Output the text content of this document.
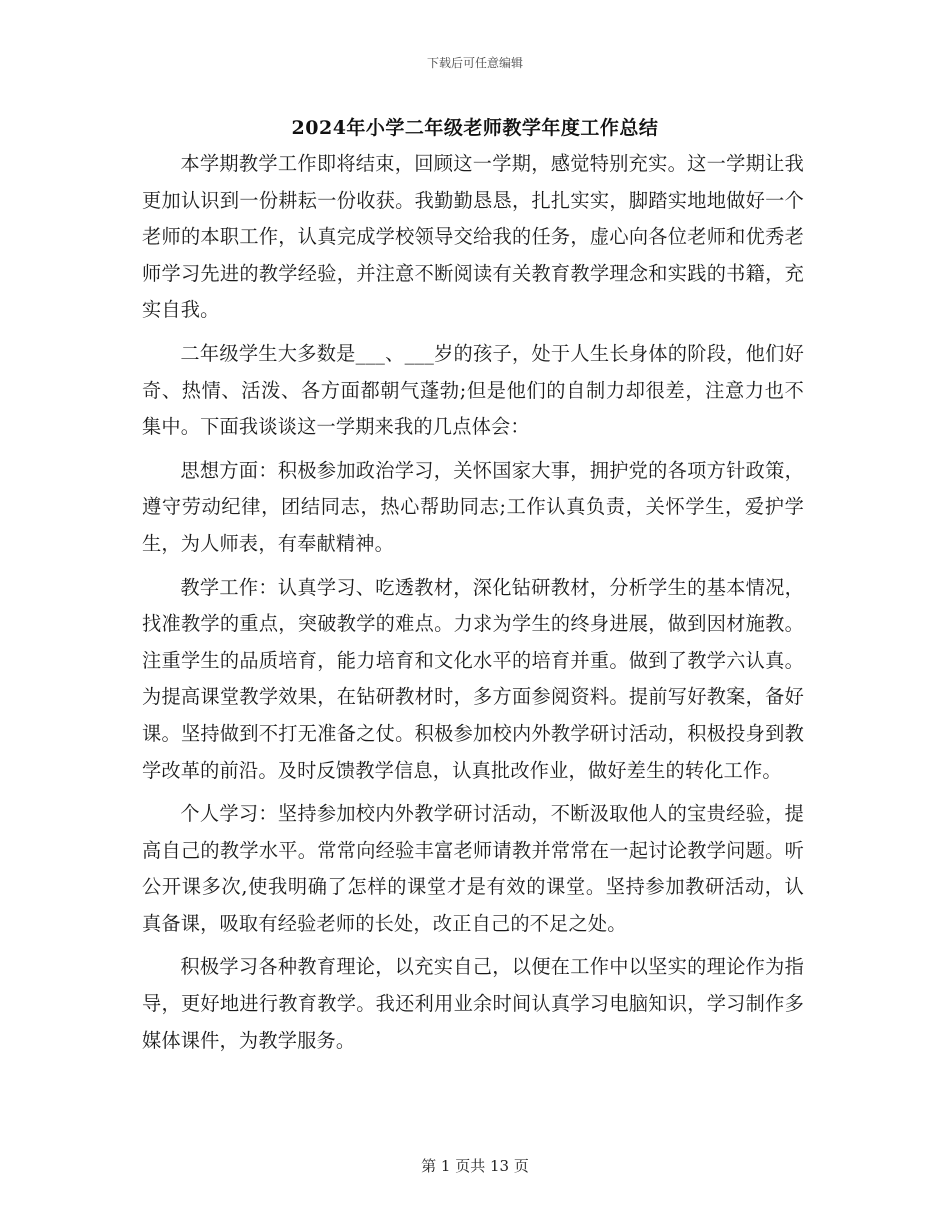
下载后可任意编辑
2024年小学二年级老师教学年度工作总结

本学期教学工作即将结束，回顾这一学期，感觉特别充实。这一学期让我更加认识到一份耕耘一份收获。我勤勤恳恳，扎扎实实，脚踏实地地做好一个老师的本职工作，认真完成学校领导交给我的任务，虚心向各位老师和优秀老师学习先进的教学经验，并注意不断阅读有关教育教学理念和实践的书籍，充实自我。

二年级学生大多数是___、___岁的孩子，处于人生长身体的阶段，他们好奇、热情、活泼、各方面都朝气蓬勃;但是他们的自制力却很差，注意力也不集中。下面我谈谈这一学期来我的几点体会：

思想方面：积极参加政治学习，关怀国家大事，拥护党的各项方针政策，遵守劳动纪律，团结同志，热心帮助同志;工作认真负责，关怀学生，爱护学生，为人师表，有奉献精神。

教学工作：认真学习、吃透教材，深化钻研教材，分析学生的基本情况，找准教学的重点，突破教学的难点。力求为学生的终身进展，做到因材施教。注重学生的品质培育，能力培育和文化水平的培育并重。做到了教学六认真。为提高课堂教学效果，在钻研教材时，多方面参阅资料。提前写好教案，备好课。坚持做到不打无准备之仗。积极参加校内外教学研讨活动，积极投身到教学改革的前沿。及时反馈教学信息，认真批改作业，做好差生的转化工作。

个人学习：坚持参加校内外教学研讨活动，不断汲取他人的宝贵经验，提高自己的教学水平。常常向经验丰富老师请教并常常在一起讨论教学问题。听公开课多次,使我明确了怎样的课堂才是有效的课堂。坚持参加教研活动，认真备课，吸取有经验老师的长处，改正自己的不足之处。

积极学习各种教育理论，以充实自己，以便在工作中以坚实的理论作为指导，更好地进行教育教学。我还利用业余时间认真学习电脑知识，学习制作多媒体课件，为教学服务。

第 1 页共 13 页
